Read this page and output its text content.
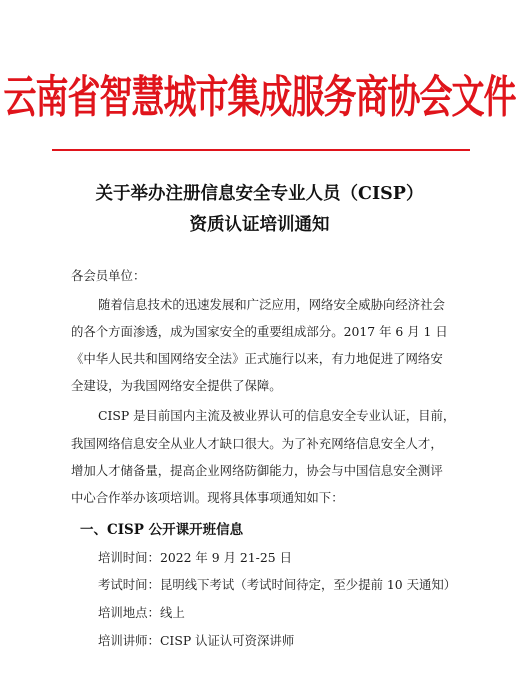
云南省智慧城市集成服务商协会文件
关于举办注册信息安全专业人员（CISP）
资质认证培训通知
各会员单位：
随着信息技术的迅速发展和广泛应用，网络安全威胁向经济社会
的各个方面渗透，成为国家安全的重要组成部分。2017 年 6 月 1 日
《中华人民共和国网络安全法》正式施行以来，有力地促进了网络安
全建设，为我国网络安全提供了保障。
CISP 是目前国内主流及被业界认可的信息安全专业认证，目前，
我国网络信息安全从业人才缺口很大。为了补充网络信息安全人才，
增加人才储备量，提高企业网络防御能力，协会与中国信息安全测评
中心合作举办该项培训。现将具体事项通知如下：
一、CISP 公开课开班信息
培训时间：2022 年 9 月 21-25 日
考试时间：昆明线下考试（考试时间待定，至少提前 10 天通知）
培训地点：线上
培训讲师：CISP 认证认可资深讲师
